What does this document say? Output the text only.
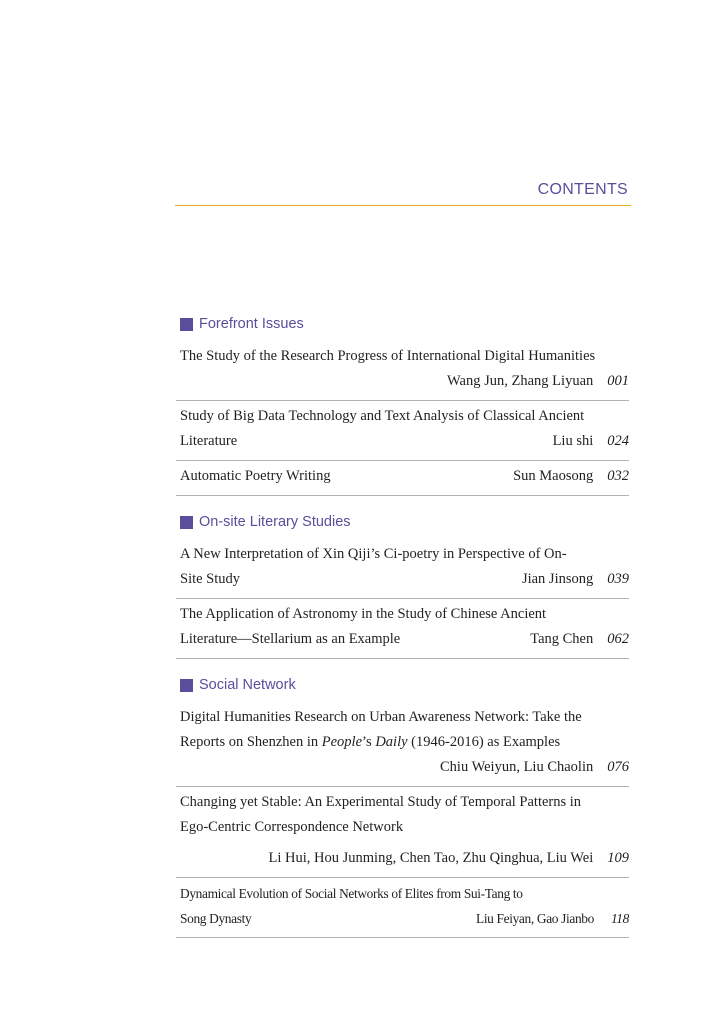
CONTENTS
Forefront Issues
The Study of the Research Progress of International Digital Humanities
Wang Jun, Zhang Liyuan 001
Study of Big Data Technology and Text Analysis of Classical Ancient
Literature	Liu shi 024
Automatic Poetry Writing	Sun Maosong 032
On-site Literary Studies
A New Interpretation of Xin Qiji’s Ci-poetry in Perspective of On-
Site Study	Jian Jinsong 039
The Application of Astronomy in the Study of Chinese Ancient
Literature—Stellarium as an Example	Tang Chen 062
Social Network
Digital Humanities Research on Urban Awareness Network: Take the
Reports on Shenzhen in People’s Daily (1946-2016) as Examples
Chiu Weiyun, Liu Chaolin 076
Changing yet Stable: An Experimental Study of Temporal Patterns in
Ego-Centric Correspondence Network
Li Hui, Hou Junming, Chen Tao, Zhu Qinghua, Liu Wei 109
Dynamical Evolution of Social Networks of Elites from Sui-Tang to
Song Dynasty	Liu Feiyan, Gao Jianbo	118
